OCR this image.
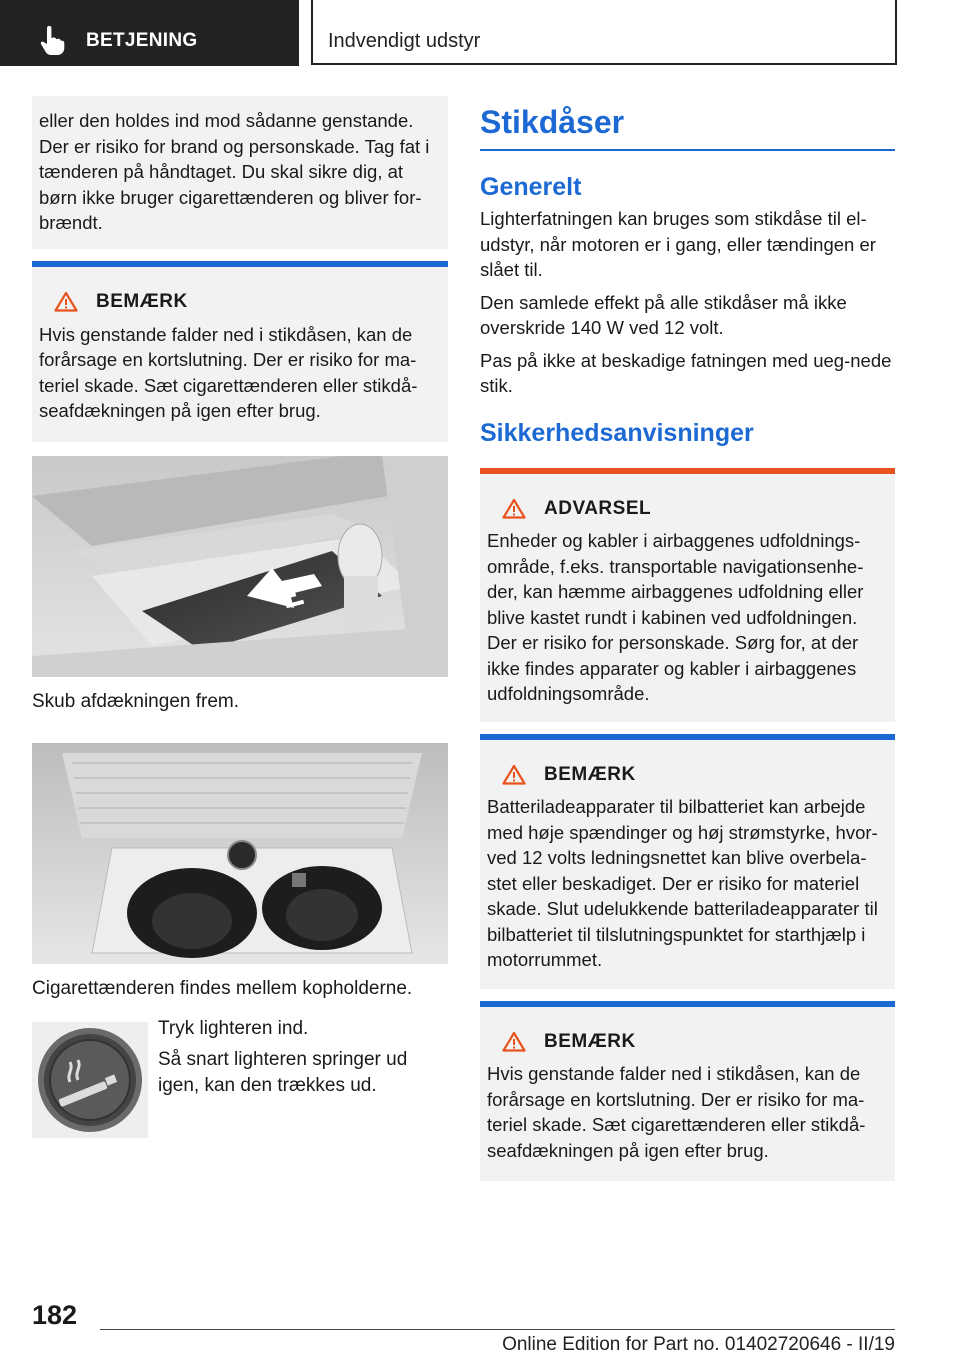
BETJENING	Indvendigt udstyr

eller den holdes ind mod sådanne genstande. Der er risiko for brand og personskade. Tag fat i tænderen på håndtaget. Du skal sikre dig, at børn ikke bruger cigarettænderen og bliver for-brændt.

BEMÆRK

Hvis genstande falder ned i stikdåsen, kan de forårsage en kortslutning. Der er risiko for ma-teriel skade. Sæt cigarettænderen eller stikdå-seafdækningen på igen efter brug.

Skub afdækningen frem.

Cigarettænderen findes mellem kopholderne.

Tryk lighteren ind.

Så snart lighteren springer ud igen, kan den trækkes ud.

Stikdåser
Generelt

Lighterfatningen kan bruges som stikdåse til el-udstyr, når motoren er i gang, eller tændingen er slået til.

Den samlede effekt på alle stikdåser må ikke overskride 140 W ved 12 volt.

Pas på ikke at beskadige fatningen med ueg-nede stik.

Sikkerhedsanvisninger
ADVARSEL

Enheder og kabler i airbaggenes udfoldnings-område, f.eks. transportable navigationsenhe-der, kan hæmme airbaggenes udfoldning eller blive kastet rundt i kabinen ved udfoldningen. Der er risiko for personskade. Sørg for, at der ikke findes apparater og kabler i airbaggenes udfoldningsområde.

BEMÆRK

Batteriladeapparater til bilbatteriet kan arbejde med høje spændinger og høj strømstyrke, hvor-ved 12 volts ledningsnettet kan blive overbela-stet eller beskadiget. Der er risiko for materiel skade. Slut udelukkende batteriladeapparater til bilbatteriet til tilslutningspunktet for starthjælp i motorrummet.

BEMÆRK

Hvis genstande falder ned i stikdåsen, kan de forårsage en kortslutning. Der er risiko for ma-teriel skade. Sæt cigarettænderen eller stikdå-seafdækningen på igen efter brug.

182
Online Edition for Part no. 01402720646 - II/19
